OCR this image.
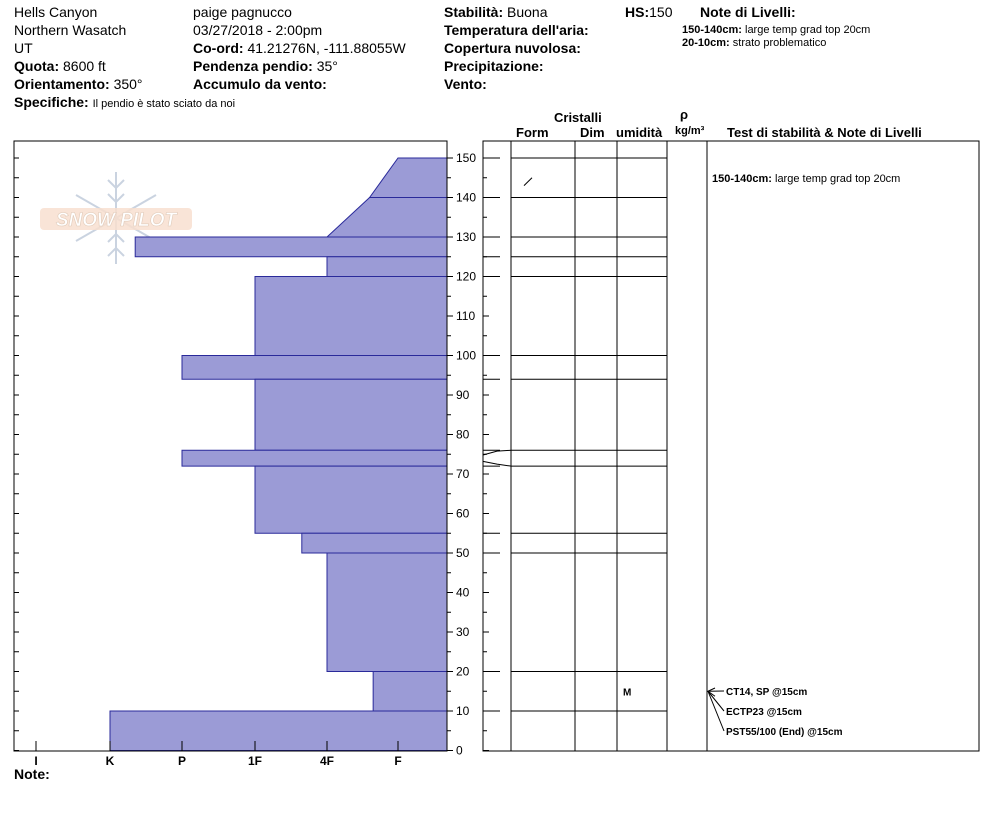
Hells Canyon
Northern Wasatch
UT
Quota: 8600 ft
Orientamento: 350°
Specifiche: Il pendio è stato sciato da noi
paige pagnucco
03/27/2018 - 2:00pm
Co-ord: 41.21276N, -111.88055W
Pendenza pendio: 35°
Accumulo da vento:
Stabilità: Buona
Temperatura dell'aria:
Copertura nuvolosa:
Precipitazione:
Vento:
HS:150 Note di Livelli:
150-140cm: large temp grad top 20cm
20-10cm: strato problematico
Cristalli
Form Dim umidità
ρ
kg/m³ Test di stabilità & Note di Livelli
SNOW PILOT
150
140
130
120
110
100
90
80
70
60
50
40
30
20
10
0
I	K	P	1F	4F	F
M
150-140cm: large temp grad top 20cm
CT14, SP @15cm
ECTP23 @15cm
PST55/100 (End) @15cm
Note:
